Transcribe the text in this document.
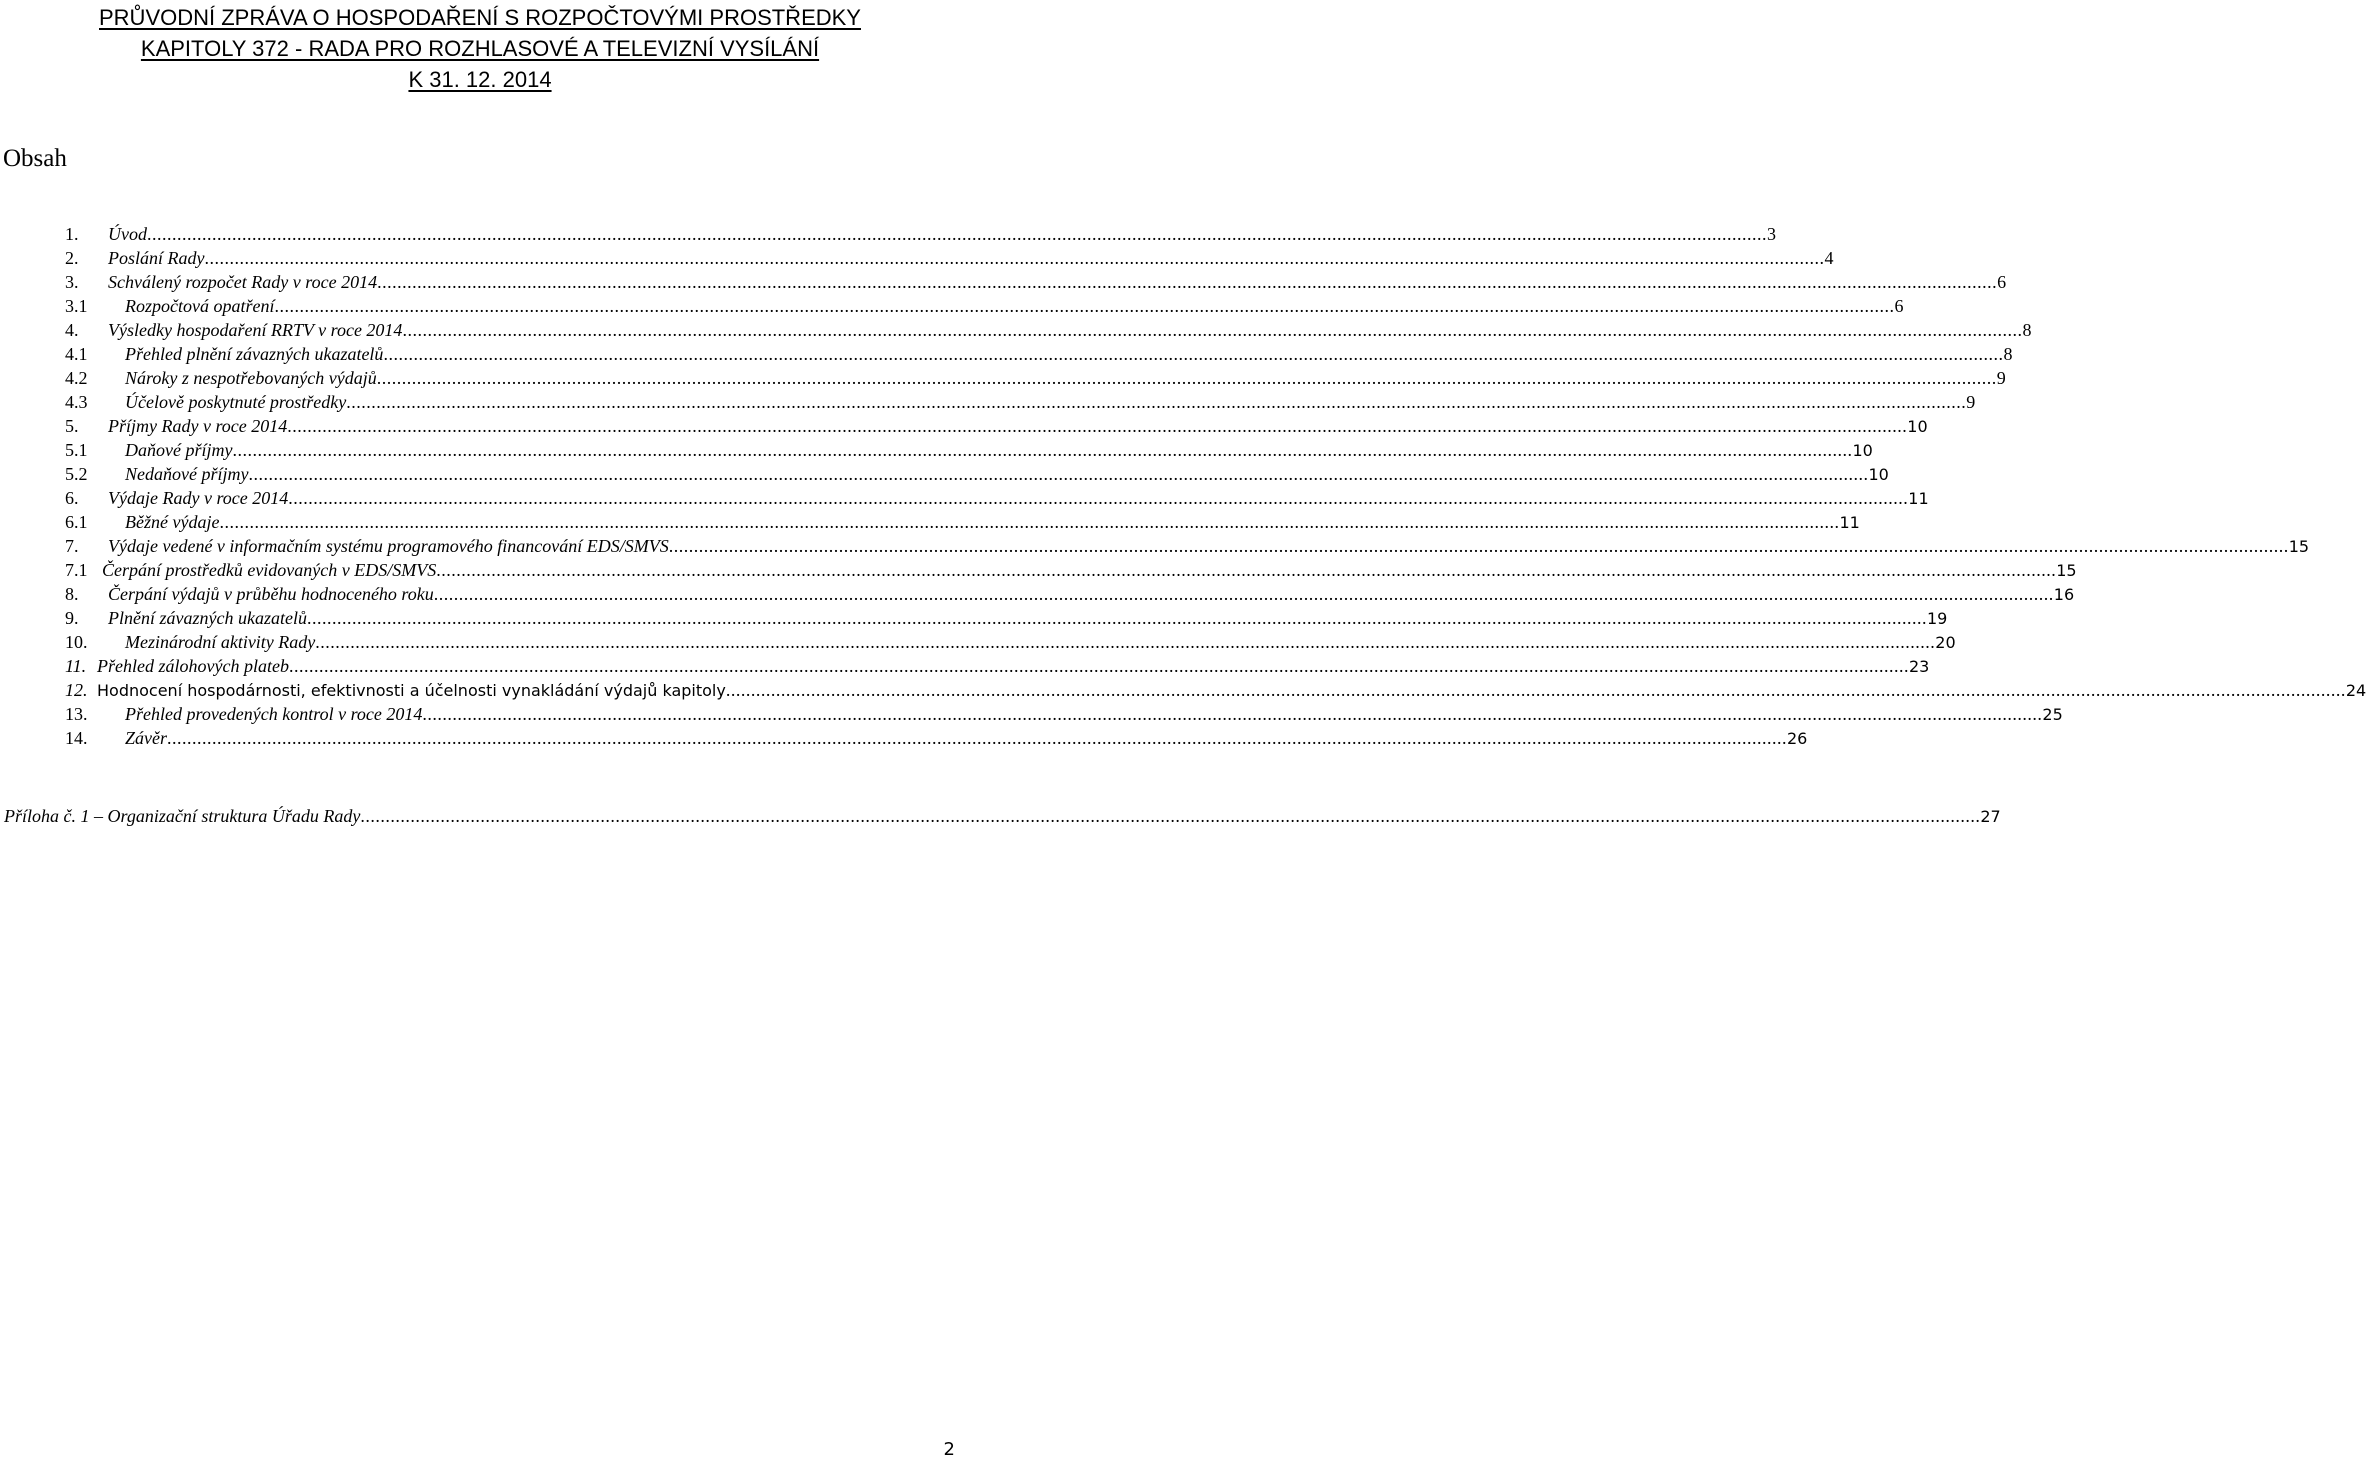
PRŮVODNÍ ZPRÁVA O HOSPODAŘENÍ S ROZPOČTOVÝMI PROSTŘEDKY
KAPITOLY 372 - RADA PRO ROZHLASOVÉ A TELEVIZNÍ VYSÍLÁNÍ
K 31. 12. 2014
Obsah
1.	Úvod .....	3
2.	Poslání Rady .....	4
3.	Schválený rozpočet Rady v roce 2014 .....	6
3.1	Rozpočtová opatření .....	6
4.	Výsledky hospodaření RRTV v roce 2014 .....	8
4.1	Přehled plnění závazných ukazatelů .....	8
4.2	Nároky z nespotřebovaných výdajů .....	9
4.3	Účelově poskytnuté prostředky .....	9
5.	Příjmy Rady v roce 2014 .....	10
5.1	Daňové příjmy .....	10
5.2	Nedaňové příjmy .....	10
6.	Výdaje Rady v roce 2014 .....	11
6.1	Běžné výdaje .....	11
7.	Výdaje vedené v informačním systému programového financování EDS/SMVS .....	15
7.1 Čerpání prostředků evidovaných v EDS/SMVS .....	15
8.	Čerpání výdajů v průběhu hodnoceného roku .....	16
9.	Plnění závazných ukazatelů .....	19
10.	Mezinárodní aktivity Rady .....	20
11. Přehled zálohových plateb .....	23
12. Hodnocení hospodárnosti, efektivnosti a účelnosti vynakládání výdajů kapitoly .....	24
13.	Přehled provedených kontrol v roce 2014 .....	25
14.	Závěr .....	26
Příloha č. 1 – Organizační struktura Úřadu Rady .....	27
2
